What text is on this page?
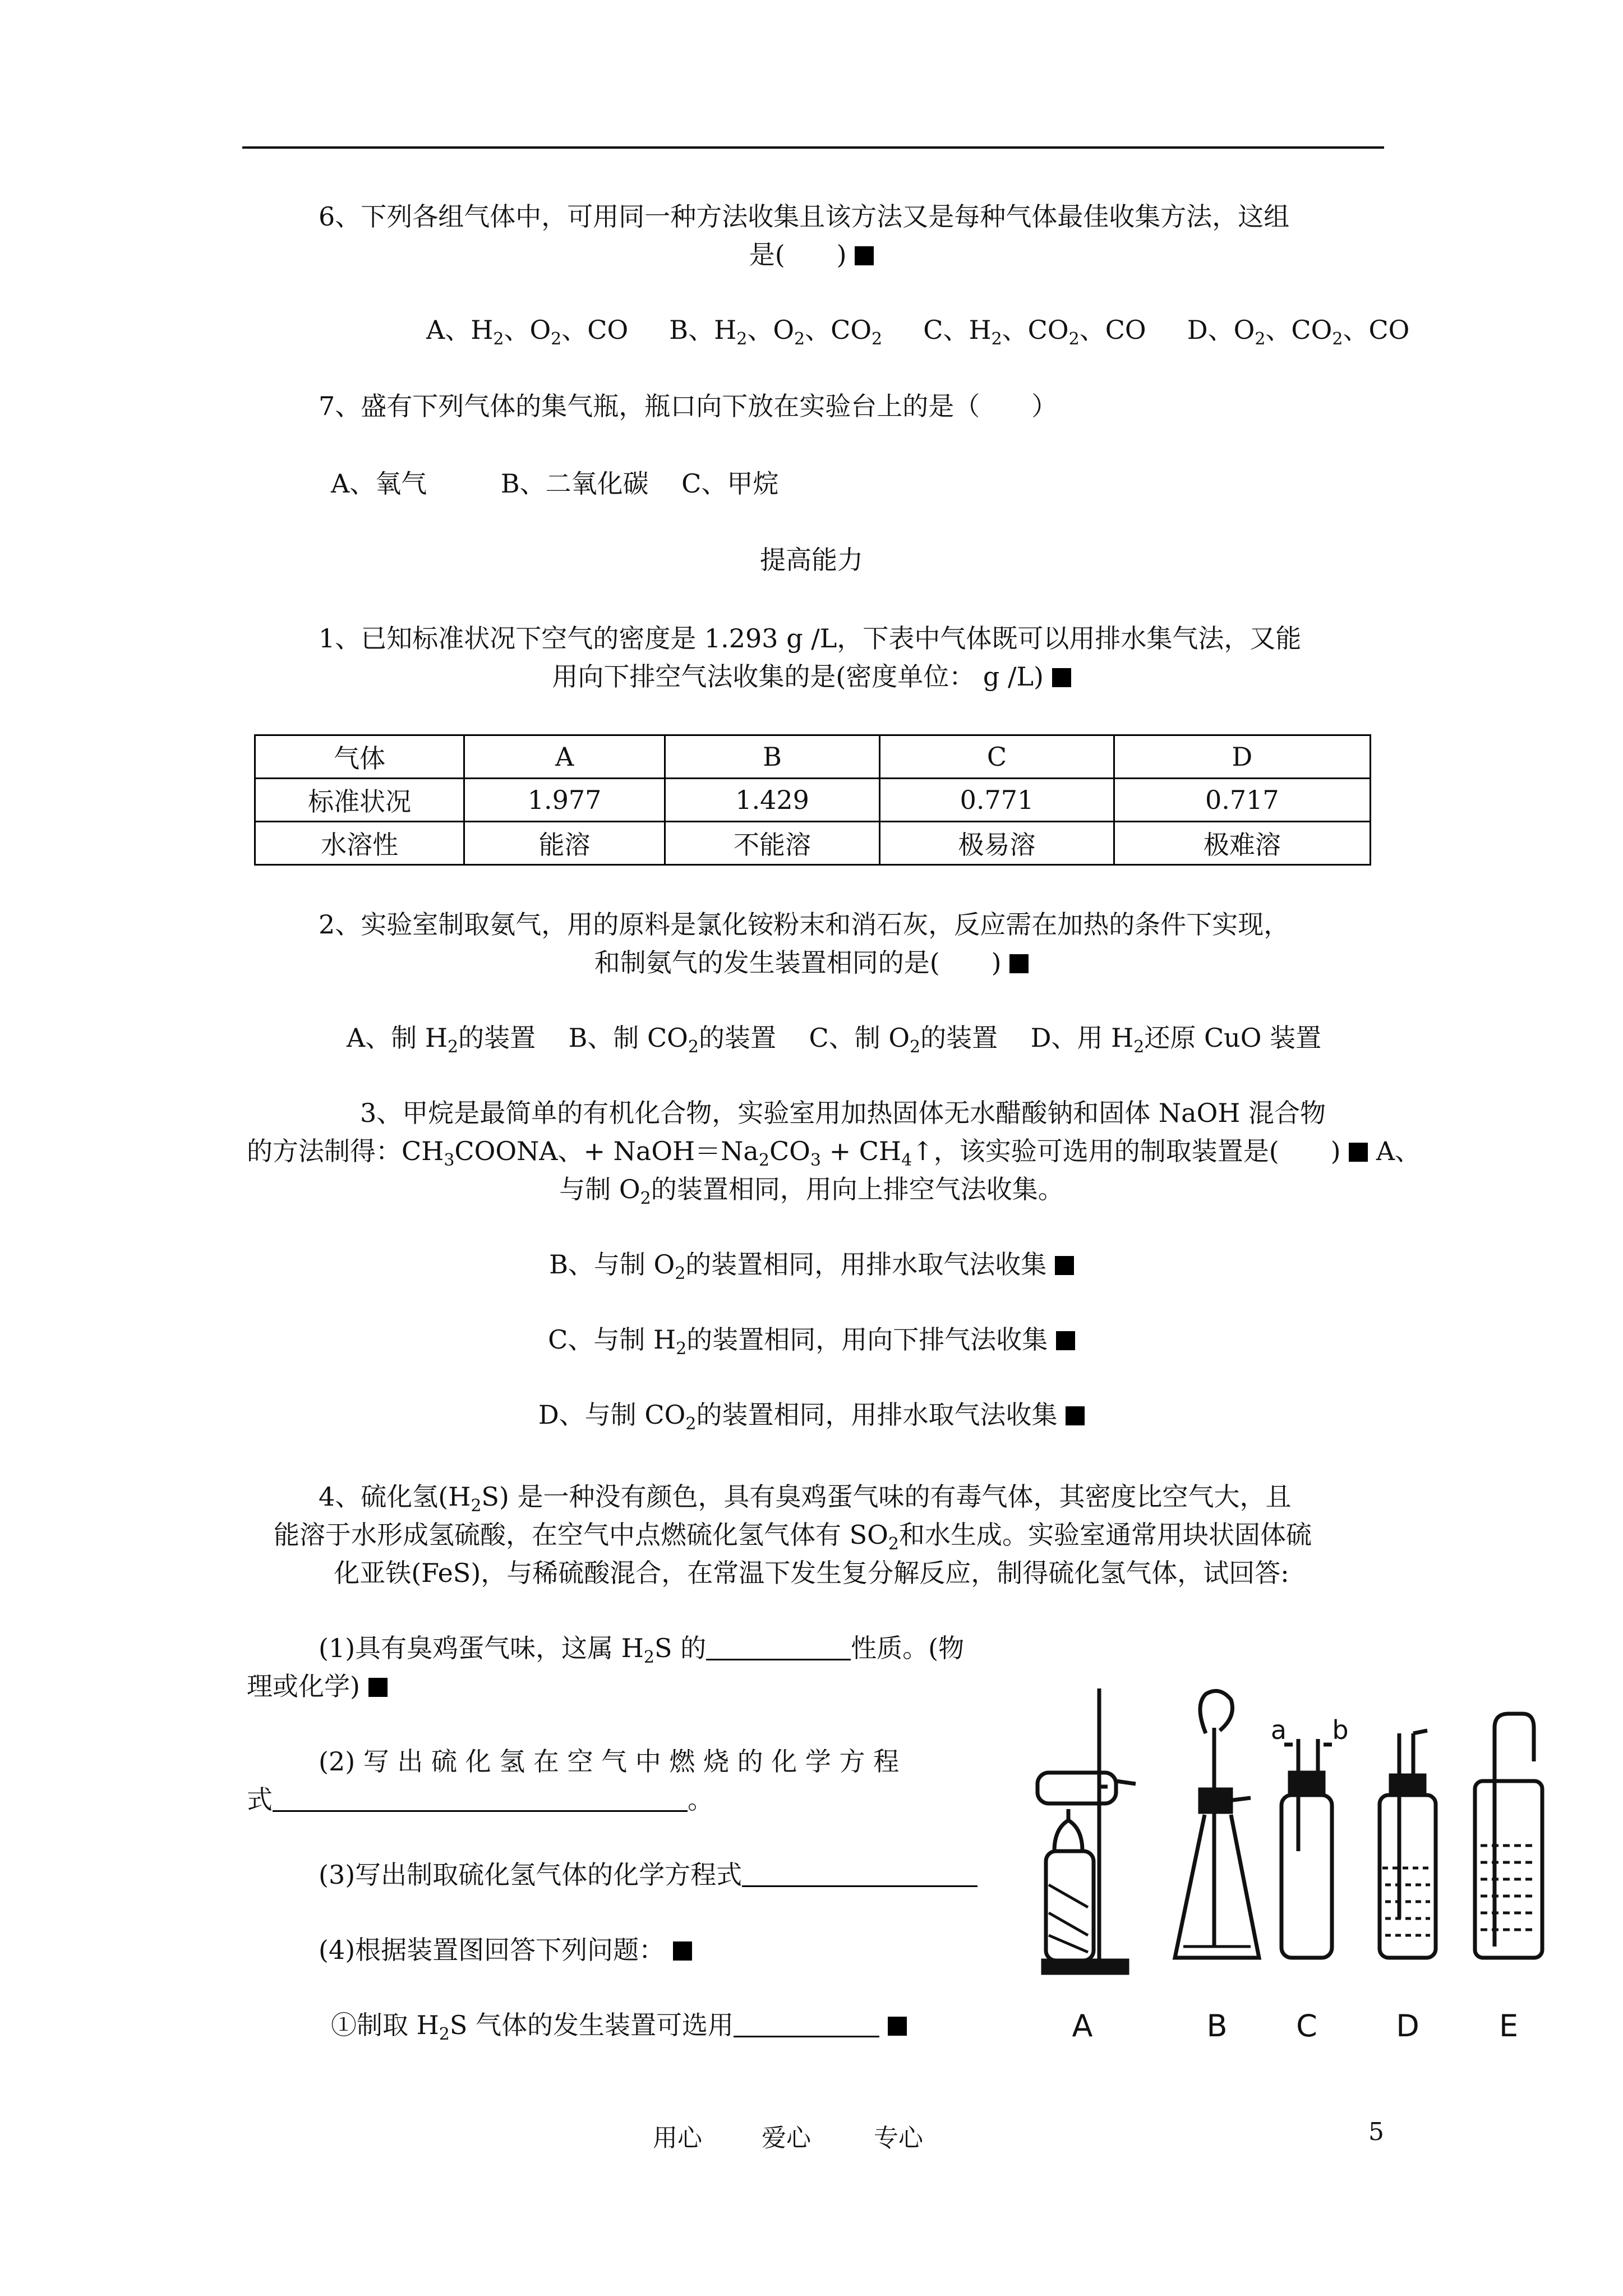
6、下列各组气体中，可用同一种方法收集且该方法又是每种气体最佳收集方法，这组
是(　　)
A、$H_2$、$O_2$、CO B、$H_2$、$O_2$、$CO_2$ C、$H_2$、$CO_2$、CO D、$O_2$、$CO_2$、CO
7、盛有下列气体的集气瓶，瓶口向下放在实验台上的是（　　）
A、氧气	B、二氧化碳 C、甲烷
提高能力
1、已知标准状况下空气的密度是 1.293 g /L，下表中气体既可以用排水集气法，又能
用向下排空气法收集的是(密度单位： g /L)
气体	A	B	C	D
标准状况	1.977	1.429	0.771	0.717
水溶性	能溶	不能溶	极易溶	极难溶
2、实验室制取氨气，用的原料是氯化铵粉末和消石灰，反应需在加热的条件下实现，
和制氨气的发生装置相同的是(　　)
A、制 $H_2$的装置 B、制 $CO_2$的装置 C、制 $O_2$的装置 D、用 $H_2$还原 CuO 装置
3、甲烷是最简单的有机化合物，实验室用加热固体无水醋酸钠和固体 NaOH 混合物
的方法制得：$CH_3COONA$、+ $NaOH=Na_2CO_3$ + $CH_4↑$，该实验可选用的制取装置是(　　)  A、
与制 $O_2$的装置相同，用向上排空气法收集。
B、与制 $O_2$的装置相同，用排水取气法收集
C、与制 $H_2$的装置相同，用向下排气法收集
D、与制 $CO_2$的装置相同，用排水取气法收集
4、硫化氢$(H_2S)$ 是一种没有颜色，具有臭鸡蛋气味的有毒气体，其密度比空气大，且
能溶于水形成氢硫酸，在空气中点燃硫化氢气体有 $SO_2$和水生成。实验室通常用块状固体硫
化亚铁(FeS)，与稀硫酸混合，在常温下发生复分解反应，制得硫化氢气体，试回答:
(1)具有臭鸡蛋气味，这属 $H_2S$ 的	性质。(物
理或化学)
(2) 写 出 硫 化 氢 在 空 气 中 燃 烧 的 化 学 方 程
式	。
(3)写出制取硫化氢气体的化学方程式
(4)根据装置图回答下列问题：
①制取 $H_2S$ 气体的发生装置可选用	A	B C	D	E
a b
用心 爱心	专心	5
